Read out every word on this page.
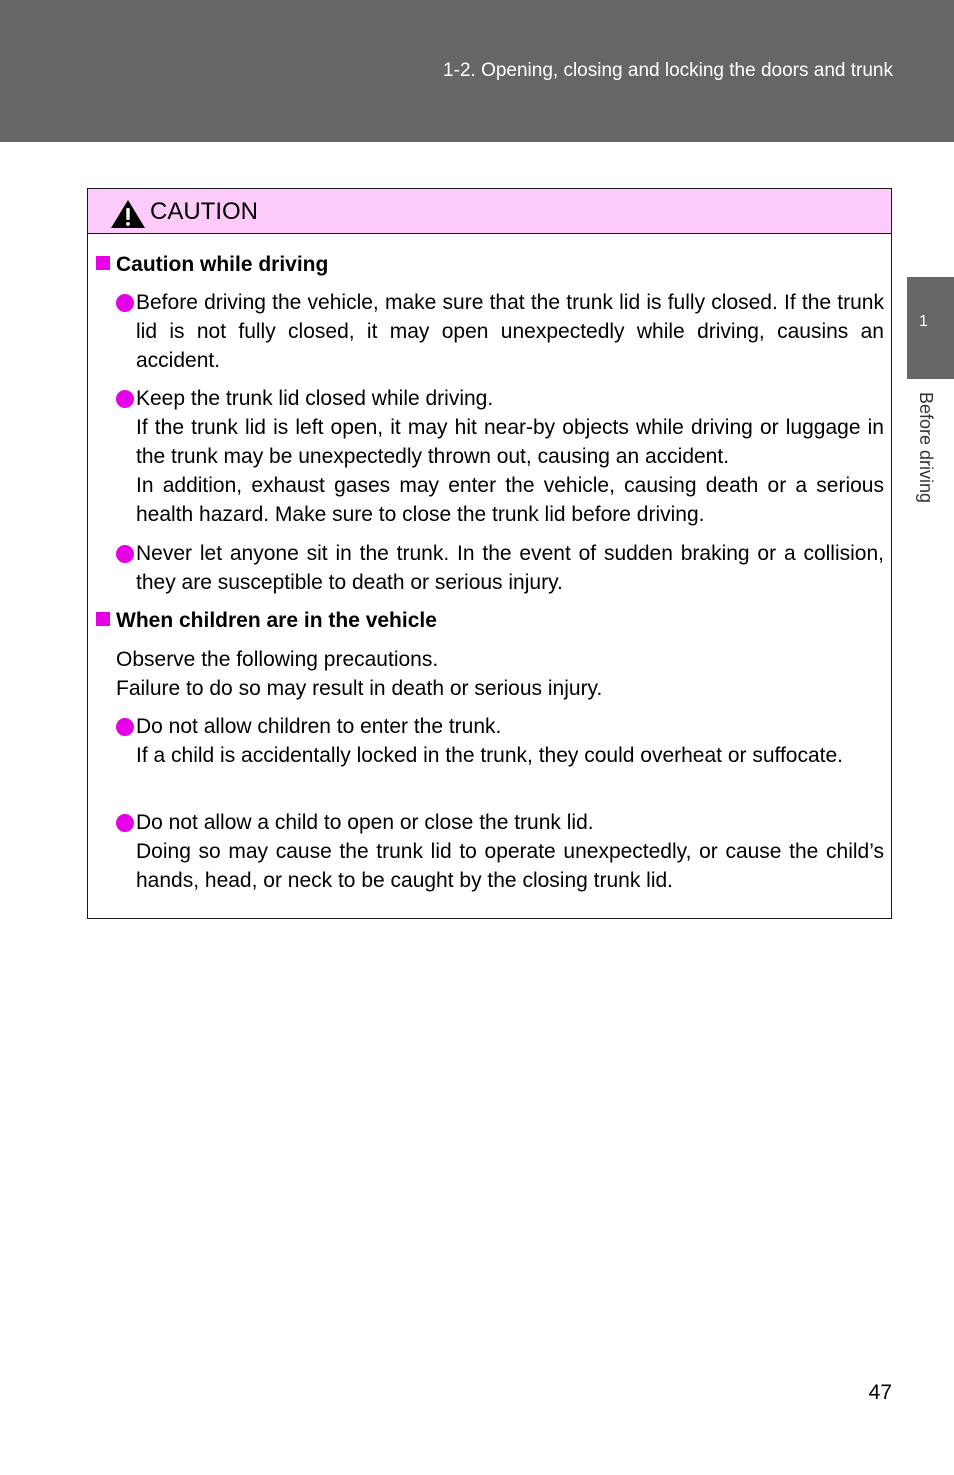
1-2. Opening, closing and locking the doors and trunk
1
Before driving
CAUTION
Caution while driving

Before driving the vehicle, make sure that the trunk lid is fully closed. If the trunk lid is not fully closed, it may open unexpectedly while driving, causins an accident.

Keep the trunk lid closed while driving.

If the trunk lid is left open, it may hit near-by objects while driving or luggage in the trunk may be unexpectedly thrown out, causing an accident.

In addition, exhaust gases may enter the vehicle, causing death or a serious health hazard. Make sure to close the trunk lid before driving.

Never let anyone sit in the trunk. In the event of sudden braking or a collision, they are susceptible to death or serious injury.

When children are in the vehicle

Observe the following precautions.

Failure to do so may result in death or serious injury.

Do not allow children to enter the trunk.

If a child is accidentally locked in the trunk, they could overheat or suffocate.

Do not allow a child to open or close the trunk lid.

Doing so may cause the trunk lid to operate unexpectedly, or cause the child’s hands, head, or neck to be caught by the closing trunk lid.

47
